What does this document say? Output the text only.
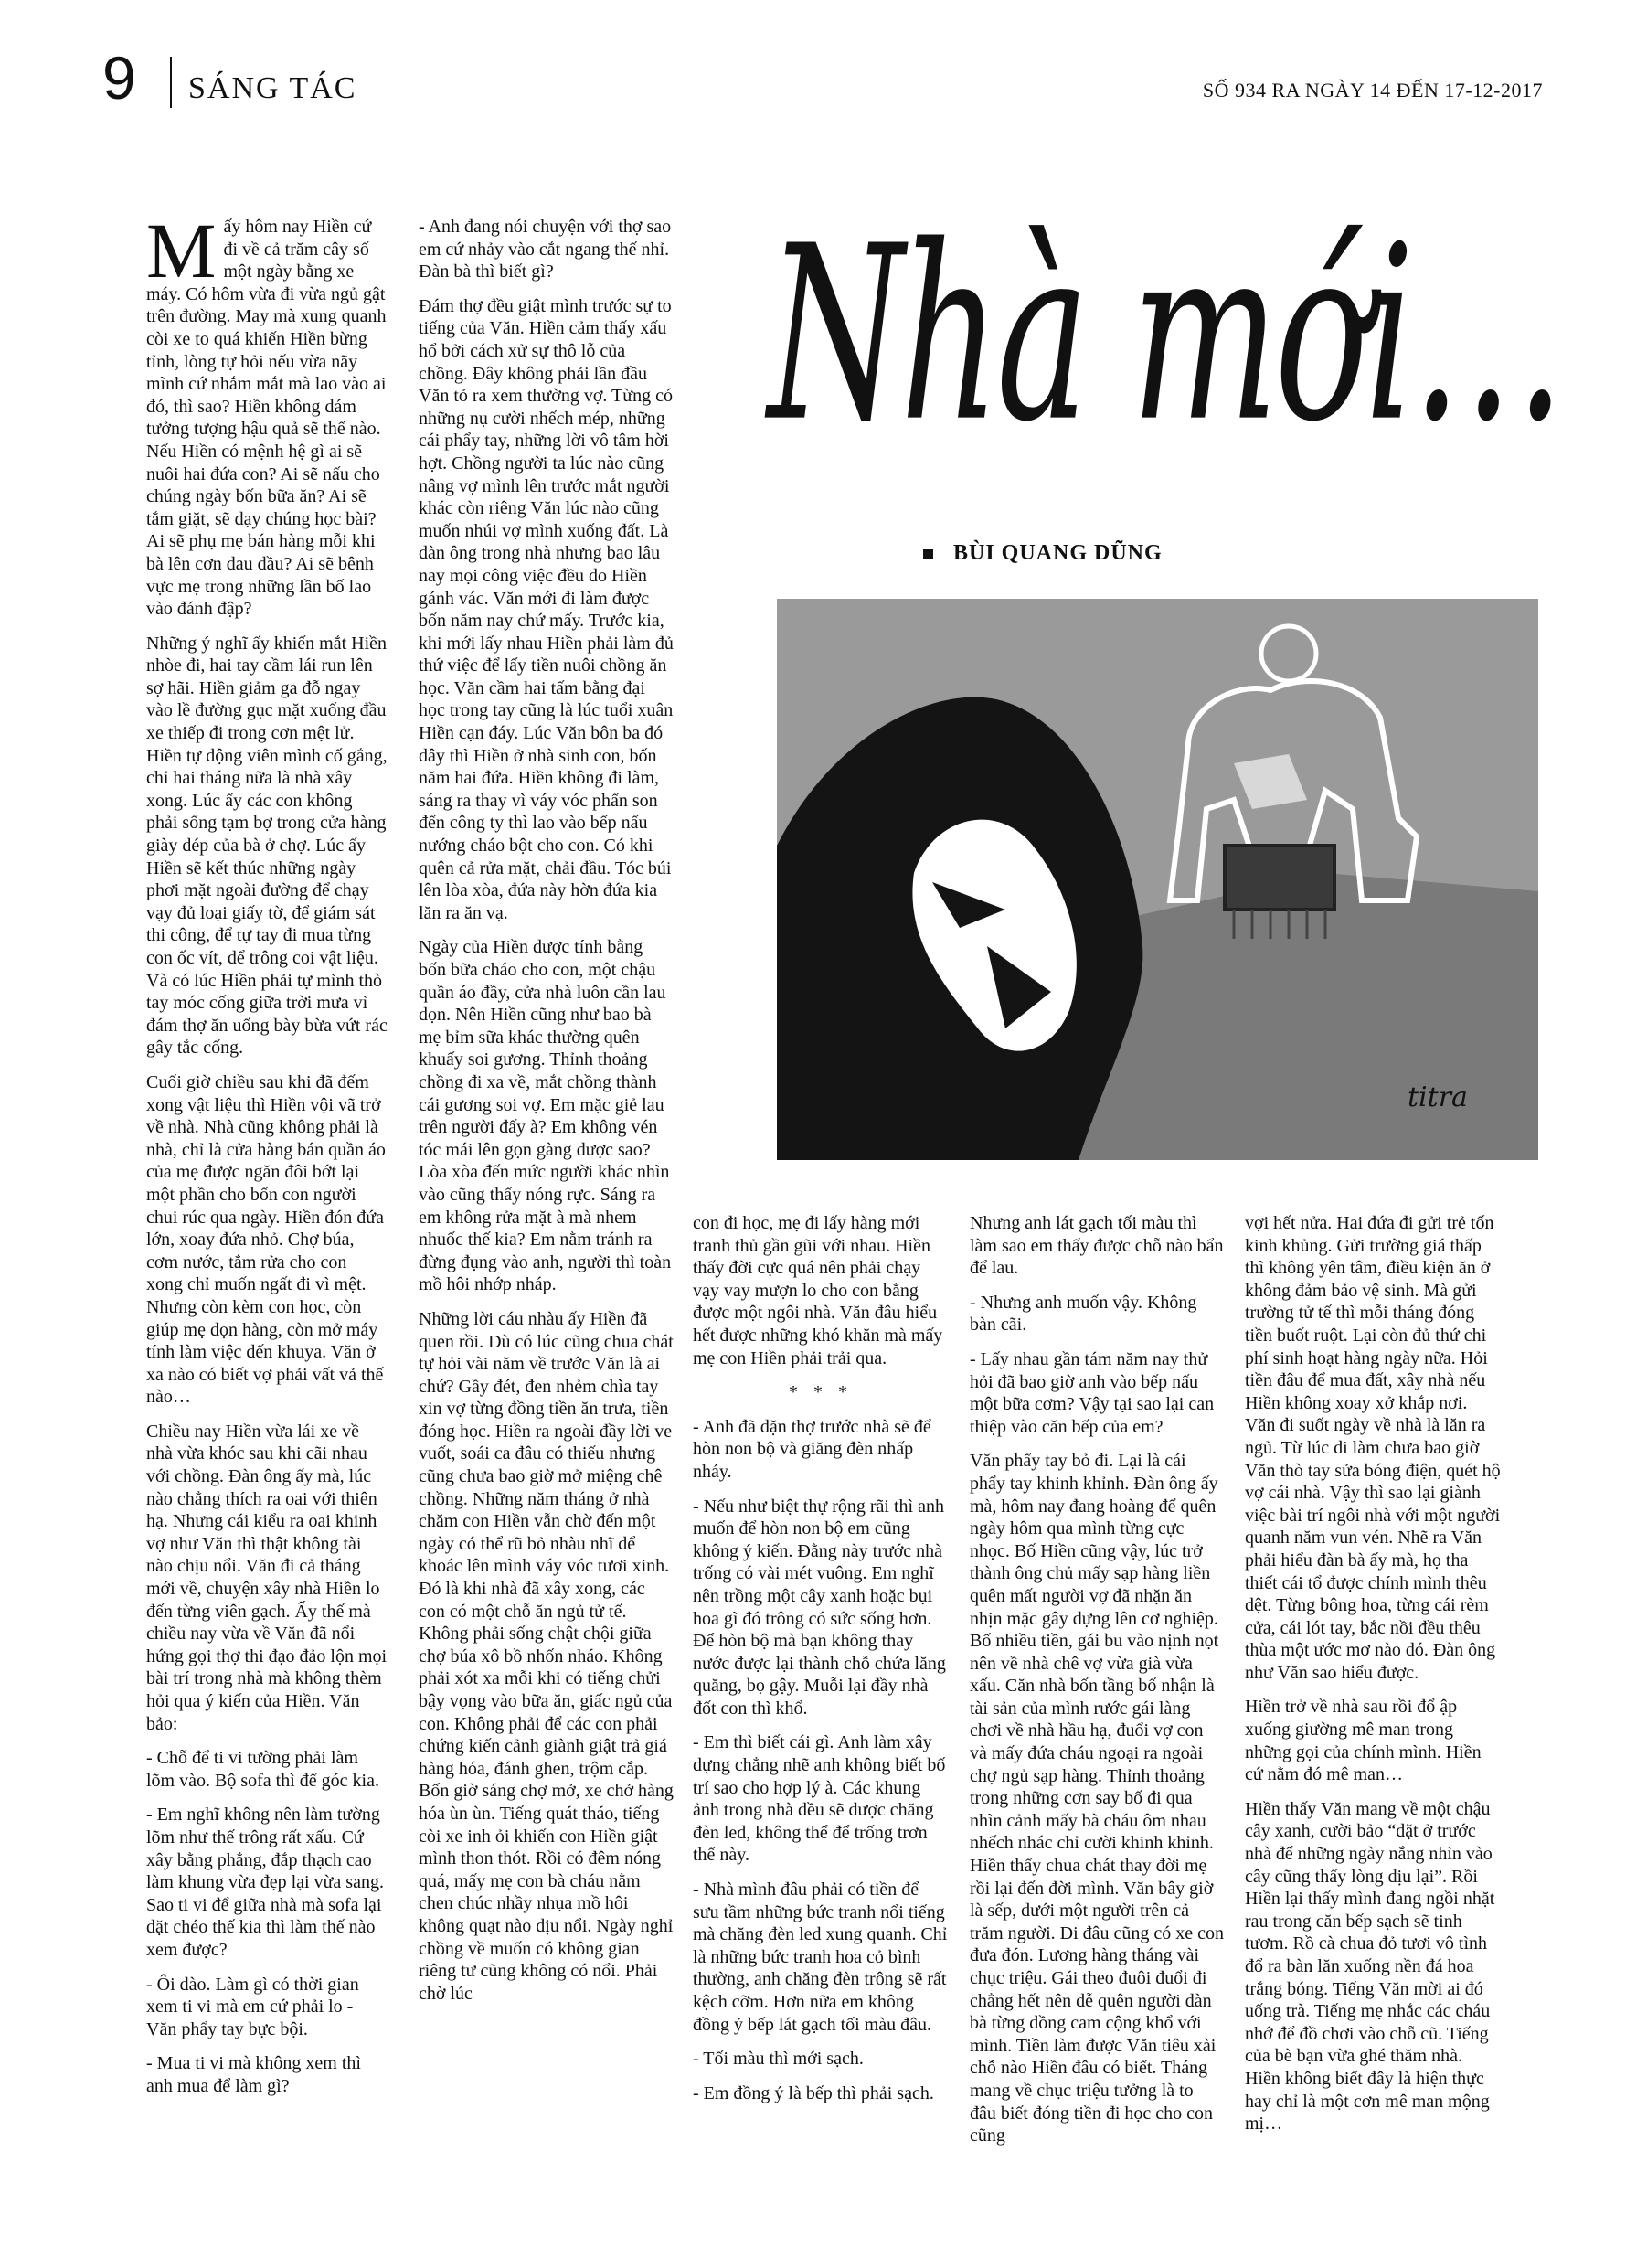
9 SÁNG TÁC	SỐ 934 RA NGÀY 14 ĐẾN 17-12-2017
M ấy hôm nay Hiền cứ đi về cả trăm cây số một ngày bằng xe máy. Có hôm vừa đi vừa ngủ gật trên đường. May mà xung quanh còi xe to quá khiến Hiền bừng tỉnh, lòng tự hỏi nếu vừa nãy mình cứ nhắm mắt mà lao vào ai đó, thì sao? Hiền không dám tưởng tượng hậu quả sẽ thế nào. Nếu Hiền có mệnh hệ gì ai sẽ nuôi hai đứa con? Ai sẽ nấu cho chúng ngày bốn bữa ăn? Ai sẽ tắm giặt, sẽ dạy chúng học bài? Ai sẽ phụ mẹ bán hàng mỗi khi bà lên cơn đau đầu? Ai sẽ bênh vực mẹ trong những lần bố lao vào đánh đập?

Những ý nghĩ ấy khiến mắt Hiền nhòe đi, hai tay cầm lái run lên sợ hãi. Hiền giảm ga đỗ ngay vào lề đường gục mặt xuống đầu xe thiếp đi trong cơn mệt lử. Hiền tự động viên mình cố gắng, chỉ hai tháng nữa là nhà xây xong. Lúc ấy các con không phải sống tạm bợ trong cửa hàng giày dép của bà ở chợ. Lúc ấy Hiền sẽ kết thúc những ngày phơi mặt ngoài đường để chạy vạy đủ loại giấy tờ, để giám sát thi công, để tự tay đi mua từng con ốc vít, để trông coi vật liệu. Và có lúc Hiền phải tự mình thò tay móc cống giữa trời mưa vì đám thợ ăn uống bày bừa vứt rác gây tắc cống.

Cuối giờ chiều sau khi đã đếm xong vật liệu thì Hiền vội vã trở về nhà. Nhà cũng không phải là nhà, chỉ là cửa hàng bán quần áo của mẹ được ngăn đôi bớt lại một phần cho bốn con người chui rúc qua ngày. Hiền đón đứa lớn, xoay đứa nhỏ. Chợ búa, cơm nước, tắm rửa cho con xong chỉ muốn ngất đi vì mệt. Nhưng còn kèm con học, còn giúp mẹ dọn hàng, còn mở máy tính làm việc đến khuya. Văn ở xa nào có biết vợ phải vất vả thế nào…

Chiều nay Hiền vừa lái xe về nhà vừa khóc sau khi cãi nhau với chồng. Đàn ông ấy mà, lúc nào chẳng thích ra oai với thiên hạ. Nhưng cái kiểu ra oai khinh vợ như Văn thì thật không tài nào chịu nổi. Văn đi cả tháng mới về, chuyện xây nhà Hiền lo đến từng viên gạch. Ấy thế mà chiều nay vừa về Văn đã nổi hứng gọi thợ thi đạo đảo lộn mọi bài trí trong nhà mà không thèm hỏi qua ý kiến của Hiền. Văn bảo:

- Chỗ để ti vi tường phải làm lõm vào. Bộ sofa thì để góc kia.

- Em nghĩ không nên làm tường lõm như thế trông rất xấu. Cứ xây bằng phẳng, đắp thạch cao làm khung vừa đẹp lại vừa sang. Sao ti vi để giữa nhà mà sofa lại đặt chéo thế kia thì làm thế nào xem được?

- Ôi dào. Làm gì có thời gian xem ti vi mà em cứ phải lo - Văn phẩy tay bực bội.

- Mua ti vi mà không xem thì anh mua để làm gì?

- Anh đang nói chuyện với thợ sao em cứ nhảy vào cắt ngang thế nhỉ. Đàn bà thì biết gì?

Đám thợ đều giật mình trước sự to tiếng của Văn. Hiền cảm thấy xấu hổ bởi cách xử sự thô lỗ của chồng. Đây không phải lần đầu Văn tỏ ra xem thường vợ. Từng có những nụ cười nhếch mép, những cái phẩy tay, những lời vô tâm hời hợt. Chồng người ta lúc nào cũng nâng vợ mình lên trước mắt người khác còn riêng Văn lúc nào cũng muốn nhúi vợ mình xuống đất. Là đàn ông trong nhà nhưng bao lâu nay mọi công việc đều do Hiền gánh vác. Văn mới đi làm được bốn năm nay chứ mấy. Trước kia, khi mới lấy nhau Hiền phải làm đủ thứ việc để lấy tiền nuôi chồng ăn học. Văn cầm hai tấm bằng đại học trong tay cũng là lúc tuổi xuân Hiền cạn đáy. Lúc Văn bôn ba đó đây thì Hiền ở nhà sinh con, bốn năm hai đứa. Hiền không đi làm, sáng ra thay vì váy vóc phấn son đến công ty thì lao vào bếp nấu nướng cháo bột cho con. Có khi quên cả rửa mặt, chải đầu. Tóc búi lên lòa xòa, đứa này hờn đứa kia lăn ra ăn vạ.

Ngày của Hiền được tính bằng bốn bữa cháo cho con, một chậu quần áo đầy, cửa nhà luôn cần lau dọn. Nên Hiền cũng như bao bà mẹ bỉm sữa khác thường quên khuấy soi gương. Thỉnh thoảng chồng đi xa về, mắt chồng thành cái gương soi vợ. Em mặc giẻ lau trên người đấy à? Em không vén tóc mái lên gọn gàng được sao? Lòa xòa đến mức người khác nhìn vào cũng thấy nóng rực. Sáng ra em không rửa mặt à mà nhem nhuốc thế kia? Em nằm tránh ra đừng đụng vào anh, người thì toàn mồ hôi nhớp nháp.

Những lời cáu nhàu ấy Hiền đã quen rồi. Dù có lúc cũng chua chát tự hỏi vài năm về trước Văn là ai chứ? Gầy đét, đen nhẻm chìa tay xin vợ từng đồng tiền ăn trưa, tiền đóng học. Hiền ra ngoài đầy lời ve vuốt, soái ca đâu có thiếu nhưng cũng chưa bao giờ mở miệng chê chồng. Những năm tháng ở nhà chăm con Hiền vẫn chờ đến một ngày có thể rũ bỏ nhàu nhĩ để khoác lên mình váy vóc tươi xinh. Đó là khi nhà đã xây xong, các con có một chỗ ăn ngủ tử tế. Không phải sống chật chội giữa chợ búa xô bồ nhốn nháo. Không phải xót xa mỗi khi có tiếng chửi bậy vọng vào bữa ăn, giấc ngủ của con. Không phải để các con phải chứng kiến cảnh giành giật trả giá hàng hóa, đánh ghen, trộm cắp. Bốn giờ sáng chợ mở, xe chở hàng hóa ùn ùn. Tiếng quát tháo, tiếng còi xe inh ỏi khiến con Hiền giật mình thon thót. Rồi có đêm nóng quá, mấy mẹ con bà cháu nằm chen chúc nhầy nhụa mồ hôi không quạt nào dịu nổi. Ngày nghỉ chồng về muốn có không gian riêng tư cũng không có nổi. Phải chờ lúc

con đi học, mẹ đi lấy hàng mới tranh thủ gần gũi với nhau. Hiền thấy đời cực quá nên phải chạy vạy vay mượn lo cho con bằng được một ngôi nhà. Văn đâu hiểu hết được những khó khăn mà mấy mẹ con Hiền phải trải qua.

* * *

- Anh đã dặn thợ trước nhà sẽ để hòn non bộ và giăng đèn nhấp nháy.

- Nếu như biệt thự rộng rãi thì anh muốn để hòn non bộ em cũng không ý kiến. Đằng này trước nhà trống có vài mét vuông. Em nghĩ nên trồng một cây xanh hoặc bụi hoa gì đó trông có sức sống hơn. Để hòn bộ mà bạn không thay nước được lại thành chỗ chứa lăng quăng, bọ gậy. Muỗi lại đầy nhà đốt con thì khổ.

- Em thì biết cái gì. Anh làm xây dựng chẳng nhẽ anh không biết bố trí sao cho hợp lý à. Các khung ảnh trong nhà đều sẽ được chăng đèn led, không thể để trống trơn thế này.

- Nhà mình đâu phải có tiền để sưu tầm những bức tranh nổi tiếng mà chăng đèn led xung quanh. Chỉ là những bức tranh hoa cỏ bình thường, anh chăng đèn trông sẽ rất kệch cỡm. Hơn nữa em không đồng ý bếp lát gạch tối màu đâu.

- Tối màu thì mới sạch.

- Em đồng ý là bếp thì phải sạch.

Nhưng anh lát gạch tối màu thì làm sao em thấy được chỗ nào bẩn để lau.

- Nhưng anh muốn vậy. Không bàn cãi.

- Lấy nhau gần tám năm nay thử hỏi đã bao giờ anh vào bếp nấu một bữa cơm? Vậy tại sao lại can thiệp vào căn bếp của em?

Văn phẩy tay bỏ đi. Lại là cái phẩy tay khinh khỉnh. Đàn ông ấy mà, hôm nay đang hoàng để quên ngày hôm qua mình từng cực nhọc. Bố Hiền cũng vậy, lúc trở thành ông chủ mấy sạp hàng liền quên mất người vợ đã nhặn ăn nhịn mặc gây dựng lên cơ nghiệp. Bố nhiều tiền, gái bu vào nịnh nọt nên về nhà chê vợ vừa già vừa xấu. Căn nhà bốn tầng bố nhận là tài sản của mình rước gái làng chơi về nhà hầu hạ, đuổi vợ con và mấy đứa cháu ngoại ra ngoài chợ ngủ sạp hàng. Thỉnh thoảng trong những cơn say bố đi qua nhìn cảnh mấy bà cháu ôm nhau nhếch nhác chỉ cười khinh khỉnh. Hiền thấy chua chát thay đời mẹ rồi lại đến đời mình. Văn bây giờ là sếp, dưới một người trên cả trăm người. Đi đâu cũng có xe con đưa đón. Lương hàng tháng vài chục triệu. Gái theo đuôi đuổi đi chẳng hết nên dễ quên người đàn bà từng đồng cam cộng khổ với mình. Tiền làm được Văn tiêu xài chỗ nào Hiền đâu có biết. Tháng mang về chục triệu tưởng là to đâu biết đóng tiền đi học cho con cũng

vợi hết nửa. Hai đứa đi gửi trẻ tốn kinh khủng. Gửi trường giá thấp thì không yên tâm, điều kiện ăn ở không đảm bảo vệ sinh. Mà gửi trường tử tế thì mỗi tháng đóng tiền buốt ruột. Lại còn đủ thứ chi phí sinh hoạt hàng ngày nữa. Hỏi tiền đâu để mua đất, xây nhà nếu Hiền không xoay xở khắp nơi. Văn đi suốt ngày về nhà là lăn ra ngủ. Từ lúc đi làm chưa bao giờ Văn thò tay sửa bóng điện, quét hộ vợ cái nhà. Vậy thì sao lại giành việc bài trí ngôi nhà với một người quanh năm vun vén. Nhẽ ra Văn phải hiểu đàn bà ấy mà, họ tha thiết cái tổ được chính mình thêu dệt. Từng bông hoa, từng cái rèm cửa, cái lót tay, bắc nồi đều thêu thùa một ước mơ nào đó. Đàn ông như Văn sao hiểu được.

Hiền trở về nhà sau rồi đổ ập xuống giường mê man trong những gọi của chính mình. Hiền cứ nằm đó mê man…

Hiền thấy Văn mang về một chậu cây xanh, cười bảo “đặt ở trước nhà để những ngày nắng nhìn vào cây cũng thấy lòng dịu lại”. Rồi Hiền lại thấy mình đang ngồi nhặt rau trong căn bếp sạch sẽ tinh tươm. Rồ cà chua đỏ tươi vô tình đổ ra bàn lăn xuống nền đá hoa trắng bóng. Tiếng Văn mời ai đó uống trà. Tiếng mẹ nhắc các cháu nhớ để đồ chơi vào chỗ cũ. Tiếng của bè bạn vừa ghé thăm nhà. Hiền không biết đây là hiện thực hay chỉ là một cơn mê man mộng mị…

Nhà mới…
BÙI QUANG DŨNG
titra
